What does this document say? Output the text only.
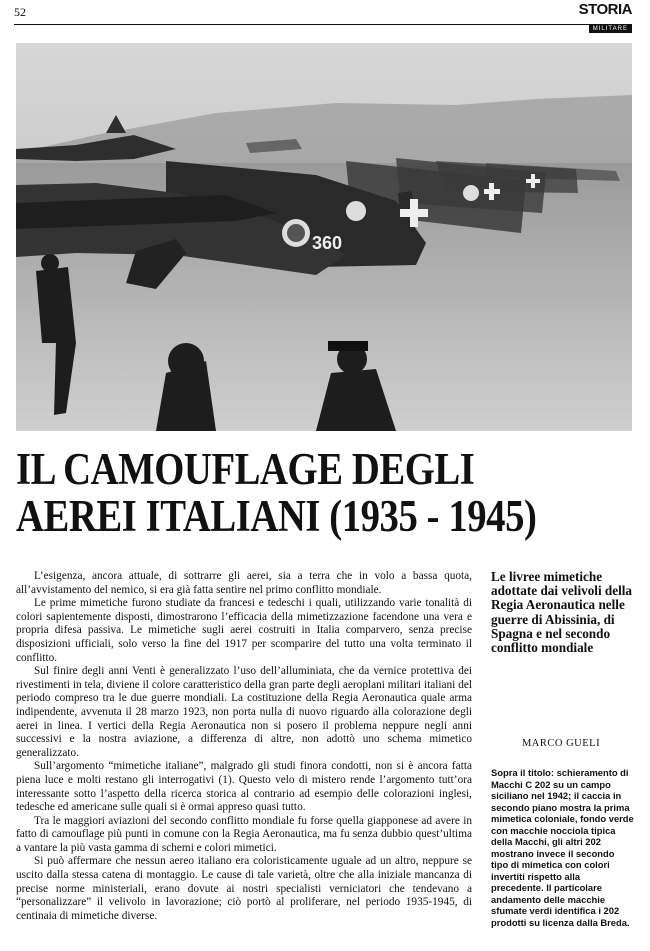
52	STORIA
MILITARE
360
IL CAMOUFLAGE DEGLI
AEREI ITALIANI (1935 - 1945)

L’esigenza, ancora attuale, di sottrarre gli aerei, sia a terra che in volo a bassa quota, all’avvistamento del nemico, si era già fatta sentire nel primo conflitto mondiale.

Le prime mimetiche furono studiate da francesi e tedeschi i quali, utilizzando varie tonalità di colori sapientemente disposti, dimostrarono l’efficacia della mimetizzazione facendone una vera e propria difesa passiva. Le mimetiche sugli aerei costruiti in Italia comparvero, senza precise disposizioni ufficiali, solo verso la fine del 1917 per scomparire del tutto una volta terminato il conflitto.

Sul finire degli anni Venti è generalizzato l’uso dell’alluminiata, che da vernice protettiva dei rivestimenti in tela, diviene il colore caratteristico della gran parte degli aeroplani militari italiani del periodo compreso tra le due guerre mondiali. La costituzione della Regia Aeronautica quale arma indipendente, avvenuta il 28 marzo 1923, non porta nulla di nuovo riguardo alla colorazione degli aerei in linea. I vertici della Regia Aeronautica non si posero il problema neppure negli anni successivi e la nostra aviazione, a differenza di altre, non adottò uno schema mimetico generalizzato.

Sull’argomento “mimetiche italiane”, malgrado gli studi finora condotti, non si è ancora fatta piena luce e molti restano gli interrogativi (1). Questo velo di mistero rende l’argomento tutt’ora interessante sotto l’aspetto della ricerca storica al contrario ad esempio delle colorazioni inglesi, tedesche ed americane sulle quali si è ormai appreso quasi tutto.

Tra le maggiori aviazioni del secondo conflitto mondiale fu forse quella giapponese ad avere in fatto di camouflage più punti in comune con la Regia Aeronautica, ma fu senza dubbio quest’ultima a vantare la più vasta gamma di schemi e colori mimetici.

Si può affermare che nessun aereo italiano era coloristicamente uguale ad un altro, neppure se uscito dalla stessa catena di montaggio. Le cause di tale varietà, oltre che alla iniziale mancanza di precise norme ministeriali, erano dovute ai nostri specialisti verniciatori che tendevano a “personalizzare” il velivolo in lavorazione; ciò portò al proliferare, nel periodo 1935-1945, di centinaia di mimetiche diverse.

Le livree mimetiche adottate dai velivoli della Regia Aeronautica nelle guerre di Abissinia, di Spagna e nel secondo conflitto mondiale
MARCO GUELI
Sopra il titolo: schieramento di Macchi C 202 su un campo siciliano nel 1942; il caccia in secondo piano mostra la prima mimetica coloniale, fondo verde con macchie nocciola tipica della Macchi, gli altri 202 mostrano invece il secondo tipo di mimetica con colori invertiti rispetto alla precedente. Il particolare andamento delle macchie sfumate verdi identifica i 202 prodotti su licenza dalla Breda.
